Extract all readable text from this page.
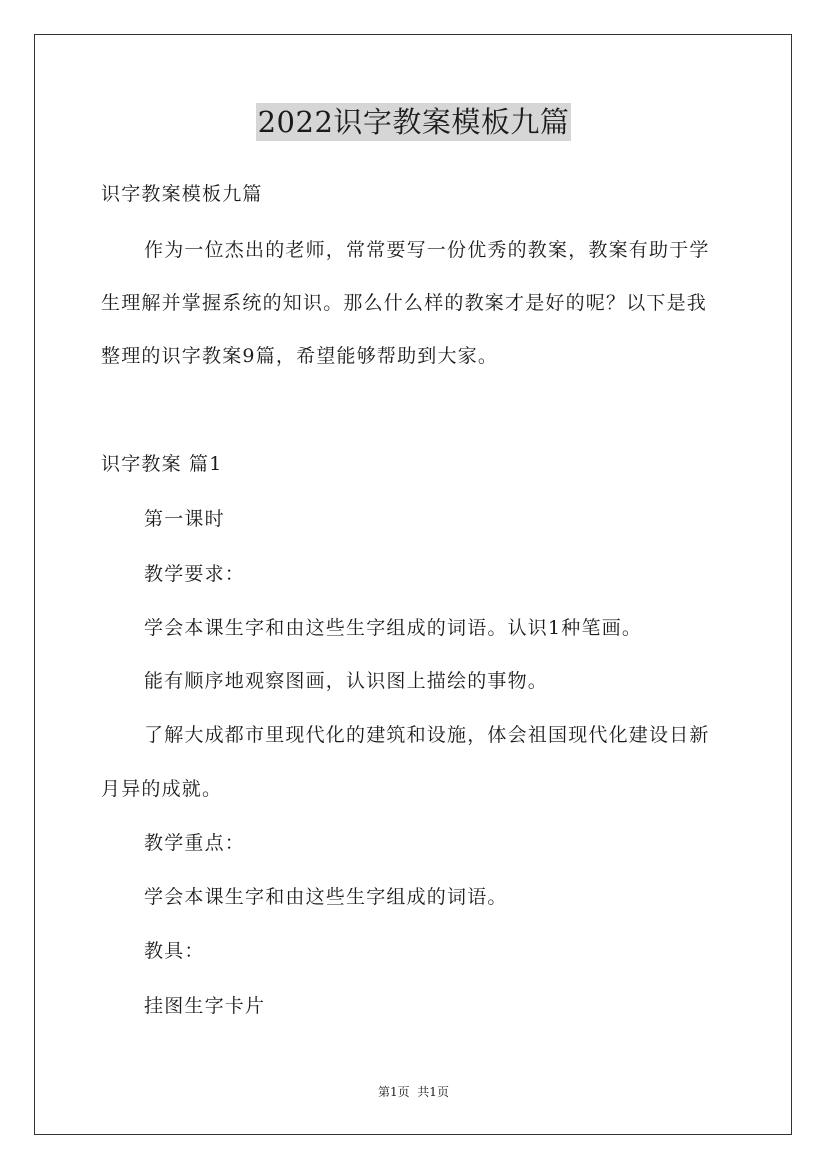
2022识字教案模板九篇
识字教案模板九篇
作为一位杰出的老师，常常要写一份优秀的教案，教案有助于学
生理解并掌握系统的知识。那么什么样的教案才是好的呢？以下是我
整理的识字教案9篇，希望能够帮助到大家。
识字教案 篇1
第一课时
教学要求：
学会本课生字和由这些生字组成的词语。认识1种笔画。
能有顺序地观察图画，认识图上描绘的事物。
了解大成都市里现代化的建筑和设施，体会祖国现代化建设日新
月异的成就。
教学重点：
学会本课生字和由这些生字组成的词语。
教具：
挂图生字卡片
第1页  共1页
